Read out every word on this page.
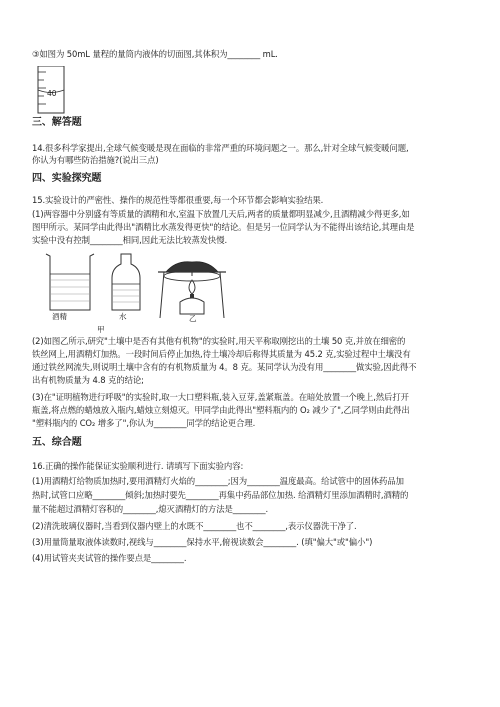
③如图为 50mL 量程的量筒内液体的切面图,其体积为________ mL.
40
三、解答题
14.很多科学家提出,全球气候变暖是现在面临的非常严重的环境问题之一。那么,针对全球气候变暖问题,
你认为有哪些防治措施?(说出三点)
四、实验探究题
15.实验设计的严密性、操作的规范性等都很重要,每一个环节都会影响实验结果.
(1)两容器中分别盛有等质量的酒精和水,室温下放置几天后,两者的质量都明显减少,且酒精减少得更多,如
图甲所示。某同学由此得出"酒精比水蒸发得更快"的结论。但是另一位同学认为不能得出该结论,其理由是
实验中没有控制________相同,因此无法比较蒸发快慢.
酒精	水
甲
乙
(2)如图乙所示,研究"土壤中是否有其他有机物"的实验时,用天平称取刚挖出的土壤 50 克,并放在细密的
铁丝网上,用酒精灯加热。一段时间后停止加热,待土壤冷却后称得其质量为 45.2 克,实验过程中土壤没有
通过铁丝网流失,则说明土壤中含有的有机物质量为 4。8 克。某同学认为没有用________做实验,因此得不
出有机物质量为 4.8 克的结论;
(3)在"证明植物进行呼吸"的实验时,取一大口塑料瓶,装入豆芽,盖紧瓶盖。在暗处放置一个晚上,然后打开
瓶盖,将点燃的蜡烛放入瓶内,蜡烛立刻熄灭。甲同学由此得出"塑料瓶内的 O₂ 减少了",乙同学则由此得出
"塑料瓶内的 CO₂ 增多了",你认为________同学的结论更合理.
五、综合题
16.正确的操作能保证实验顺利进行. 请填写下面实验内容:
(1)用酒精灯给物质加热时,要用酒精灯火焰的________;因为________温度最高。给试管中的固体药品加
热时,试管口应略________倾斜;加热时要先________再集中药品部位加热. 给酒精灯里添加酒精时,酒精的
量不能超过酒精灯容积的________,熄灭酒精灯的方法是________.
(2)清洗玻璃仪器时,当看到仪器内壁上的水既不________也不________,表示仪器洗干净了.
(3)用量筒量取液体读数时,视线与________保持水平,俯视读数会________. (填"偏大"或"偏小")
(4)用试管夹夹试管的操作要点是________.
